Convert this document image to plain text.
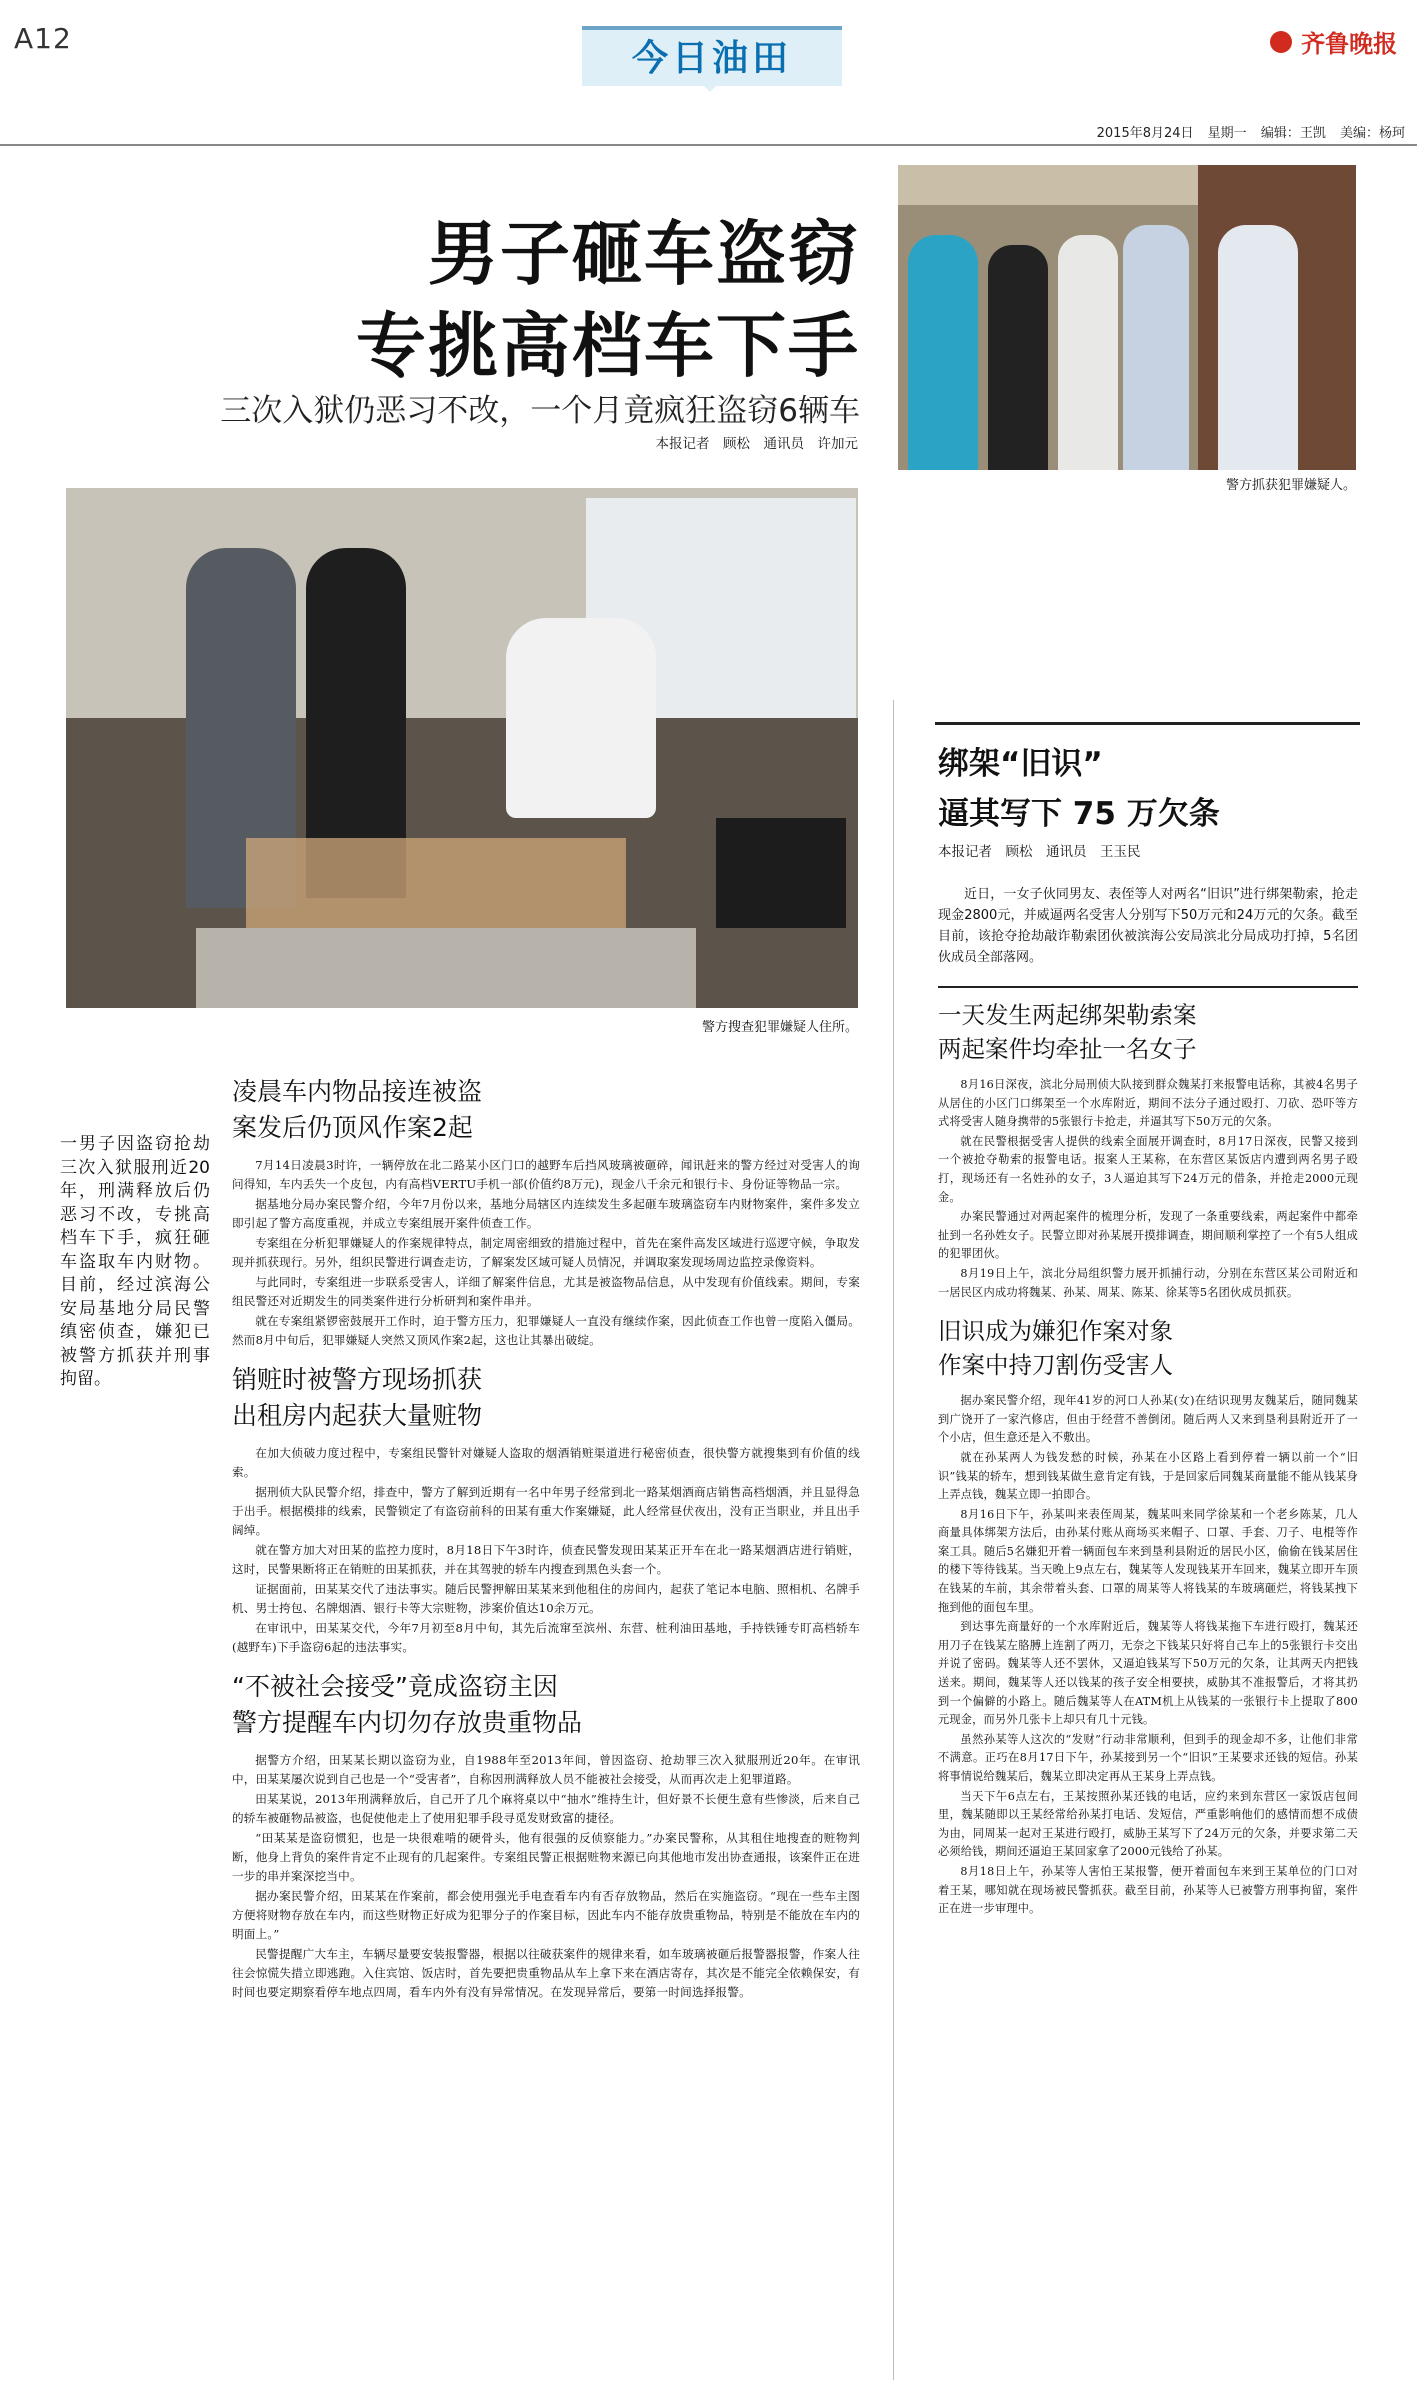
A12	今日油田	齐鲁晚报
2015年8月24日 星期一 编辑：王凯 美编：杨珂
男子砸车盗窃
专挑高档车下手
三次入狱仍恶习不改，一个月竟疯狂盗窃6辆车
本报记者　顾松　通讯员　许加元
警方抓获犯罪嫌疑人。
警方搜查犯罪嫌疑人住所。
一男子因盗窃抢劫三次入狱服刑近20年，刑满释放后仍恶习不改，专挑高档车下手，疯狂砸车盗取车内财物。目前，经过滨海公安局基地分局民警缜密侦查，嫌犯已被警方抓获并刑事拘留。
凌晨车内物品接连被盗
案发后仍顶风作案2起

7月14日凌晨3时许，一辆停放在北二路某小区门口的越野车后挡风玻璃被砸碎，闻讯赶来的警方经过对受害人的询问得知，车内丢失一个皮包，内有高档VERTU手机一部(价值约8万元)，现金八千余元和银行卡、身份证等物品一宗。

据基地分局办案民警介绍，今年7月份以来，基地分局辖区内连续发生多起砸车玻璃盗窃车内财物案件，案件多发立即引起了警方高度重视，并成立专案组展开案件侦查工作。

专案组在分析犯罪嫌疑人的作案规律特点，制定周密细致的措施过程中，首先在案件高发区域进行巡逻守候，争取发现并抓获现行。另外，组织民警进行调查走访，了解案发区域可疑人员情况，并调取案发现场周边监控录像资料。

与此同时，专案组进一步联系受害人，详细了解案件信息，尤其是被盗物品信息，从中发现有价值线索。期间，专案组民警还对近期发生的同类案件进行分析研判和案件串并。

就在专案组紧锣密鼓展开工作时，迫于警方压力，犯罪嫌疑人一直没有继续作案，因此侦查工作也曾一度陷入僵局。然而8月中旬后，犯罪嫌疑人突然又顶风作案2起，这也让其暴出破绽。

销赃时被警方现场抓获
出租房内起获大量赃物

在加大侦破力度过程中，专案组民警针对嫌疑人盗取的烟酒销赃渠道进行秘密侦查，很快警方就搜集到有价值的线索。

据刑侦大队民警介绍，排查中，警方了解到近期有一名中年男子经常到北一路某烟酒商店销售高档烟酒，并且显得急于出手。根据模排的线索，民警锁定了有盗窃前科的田某有重大作案嫌疑，此人经常昼伏夜出，没有正当职业，并且出手阔绰。

就在警方加大对田某的监控力度时，8月18日下午3时许，侦查民警发现田某某正开车在北一路某烟酒店进行销赃，这时，民警果断将正在销赃的田某抓获，并在其驾驶的轿车内搜查到黑色头套一个。

证据面前，田某某交代了违法事实。随后民警押解田某某来到他租住的房间内，起获了笔记本电脑、照相机、名牌手机、男士挎包、名牌烟酒、银行卡等大宗赃物，涉案价值达10余万元。

在审讯中，田某某交代，今年7月初至8月中旬，其先后流窜至滨州、东营、桩利油田基地，手持铁锤专盯高档轿车(越野车)下手盗窃6起的违法事实。

“不被社会接受”竟成盗窃主因
警方提醒车内切勿存放贵重物品

据警方介绍，田某某长期以盗窃为业，自1988年至2013年间，曾因盗窃、抢劫罪三次入狱服刑近20年。在审讯中，田某某屡次说到自己也是一个“受害者”，自称因刑满释放人员不能被社会接受，从而再次走上犯罪道路。

田某某说，2013年刑满释放后，自己开了几个麻将桌以中“抽水”维持生计，但好景不长便生意有些惨淡，后来自己的轿车被砸物品被盗，也促使他走上了使用犯罪手段寻觅发财致富的捷径。

“田某某是盗窃惯犯，也是一块很难啃的硬骨头，他有很强的反侦察能力。”办案民警称，从其租住地搜查的赃物判断，他身上背负的案件肯定不止现有的几起案件。专案组民警正根据赃物来源已向其他地市发出协查通报，该案件正在进一步的串并案深挖当中。

据办案民警介绍，田某某在作案前，都会使用强光手电查看车内有否存放物品，然后在实施盗窃。“现在一些车主图方便将财物存放在车内，而这些财物正好成为犯罪分子的作案目标，因此车内不能存放贵重物品，特别是不能放在车内的明面上。”

民警提醒广大车主，车辆尽量要安装报警器，根据以往破获案件的规律来看，如车玻璃被砸后报警器报警，作案人往往会惊慌失措立即逃跑。入住宾馆、饭店时，首先要把贵重物品从车上拿下来在酒店寄存，其次是不能完全依赖保安，有时间也要定期察看停车地点四周，看车内外有没有异常情况。在发现异常后，要第一时间选择报警。

绑架“旧识”
逼其写下 75 万欠条
本报记者　顾松　通讯员　王玉民
近日，一女子伙同男友、表侄等人对两名“旧识”进行绑架勒索，抢走现金2800元，并威逼两名受害人分别写下50万元和24万元的欠条。截至目前，该抢夺抢劫敲诈勒索团伙被滨海公安局滨北分局成功打掉，5名团伙成员全部落网。
一天发生两起绑架勒索案
两起案件均牵扯一名女子

8月16日深夜，滨北分局刑侦大队接到群众魏某打来报警电话称，其被4名男子从居住的小区门口绑架至一个水库附近，期间不法分子通过殴打、刀砍、恐吓等方式将受害人随身携带的5张银行卡抢走，并逼其写下50万元的欠条。

就在民警根据受害人提供的线索全面展开调查时，8月17日深夜，民警又接到一个被抢夺勒索的报警电话。报案人王某称，在东营区某饭店内遭到两名男子殴打，现场还有一名姓孙的女子，3人逼迫其写下24万元的借条，并抢走2000元现金。

办案民警通过对两起案件的梳理分析，发现了一条重要线索，两起案件中都牵扯到一名孙姓女子。民警立即对孙某展开摸排调查，期间顺利掌控了一个有5人组成的犯罪团伙。

8月19日上午，滨北分局组织警力展开抓捕行动，分别在东营区某公司附近和一居民区内成功将魏某、孙某、周某、陈某、徐某等5名团伙成员抓获。

旧识成为嫌犯作案对象
作案中持刀割伤受害人

据办案民警介绍，现年41岁的河口人孙某(女)在结识现男友魏某后，随同魏某到广饶开了一家汽修店，但由于经营不善倒闭。随后两人又来到垦利县附近开了一个小店，但生意还是入不敷出。

就在孙某两人为钱发愁的时候，孙某在小区路上看到停着一辆以前一个“旧识”钱某的轿车，想到钱某做生意肯定有钱，于是回家后同魏某商量能不能从钱某身上弄点钱，魏某立即一拍即合。

8月16日下午，孙某叫来表侄周某，魏某叫来同学徐某和一个老乡陈某，几人商量具体绑架方法后，由孙某付账从商场买来帽子、口罩、手套、刀子、电棍等作案工具。随后5名嫌犯开着一辆面包车来到垦利县附近的居民小区，偷偷在钱某居住的楼下等待钱某。当天晚上9点左右，魏某等人发现钱某开车回来，魏某立即开车顶在钱某的车前，其余带着头套、口罩的周某等人将钱某的车玻璃砸烂，将钱某拽下拖到他的面包车里。

到达事先商量好的一个水库附近后，魏某等人将钱某拖下车进行殴打，魏某还用刀子在钱某左胳膊上连割了两刀，无奈之下钱某只好将自己车上的5张银行卡交出并说了密码。魏某等人还不罢休，又逼迫钱某写下50万元的欠条，让其两天内把钱送来。期间，魏某等人还以钱某的孩子安全相要挟，威胁其不准报警后，才将其扔到一个偏僻的小路上。随后魏某等人在ATM机上从钱某的一张银行卡上提取了800元现金，而另外几张卡上却只有几十元钱。

虽然孙某等人这次的“发财”行动非常顺利，但到手的现金却不多，让他们非常不满意。正巧在8月17日下午，孙某接到另一个“旧识”王某要求还钱的短信。孙某将事情说给魏某后，魏某立即决定再从王某身上弄点钱。

当天下午6点左右，王某按照孙某还钱的电话，应约来到东营区一家饭店包间里，魏某随即以王某经常给孙某打电话、发短信，严重影响他们的感情而想不成债为由，同周某一起对王某进行殴打，威胁王某写下了24万元的欠条，并要求第二天必须给钱，期间还逼迫王某回家拿了2000元钱给了孙某。

8月18日上午，孙某等人害怕王某报警，便开着面包车来到王某单位的门口对着王某，哪知就在现场被民警抓获。截至目前，孙某等人已被警方刑事拘留，案件正在进一步审理中。
